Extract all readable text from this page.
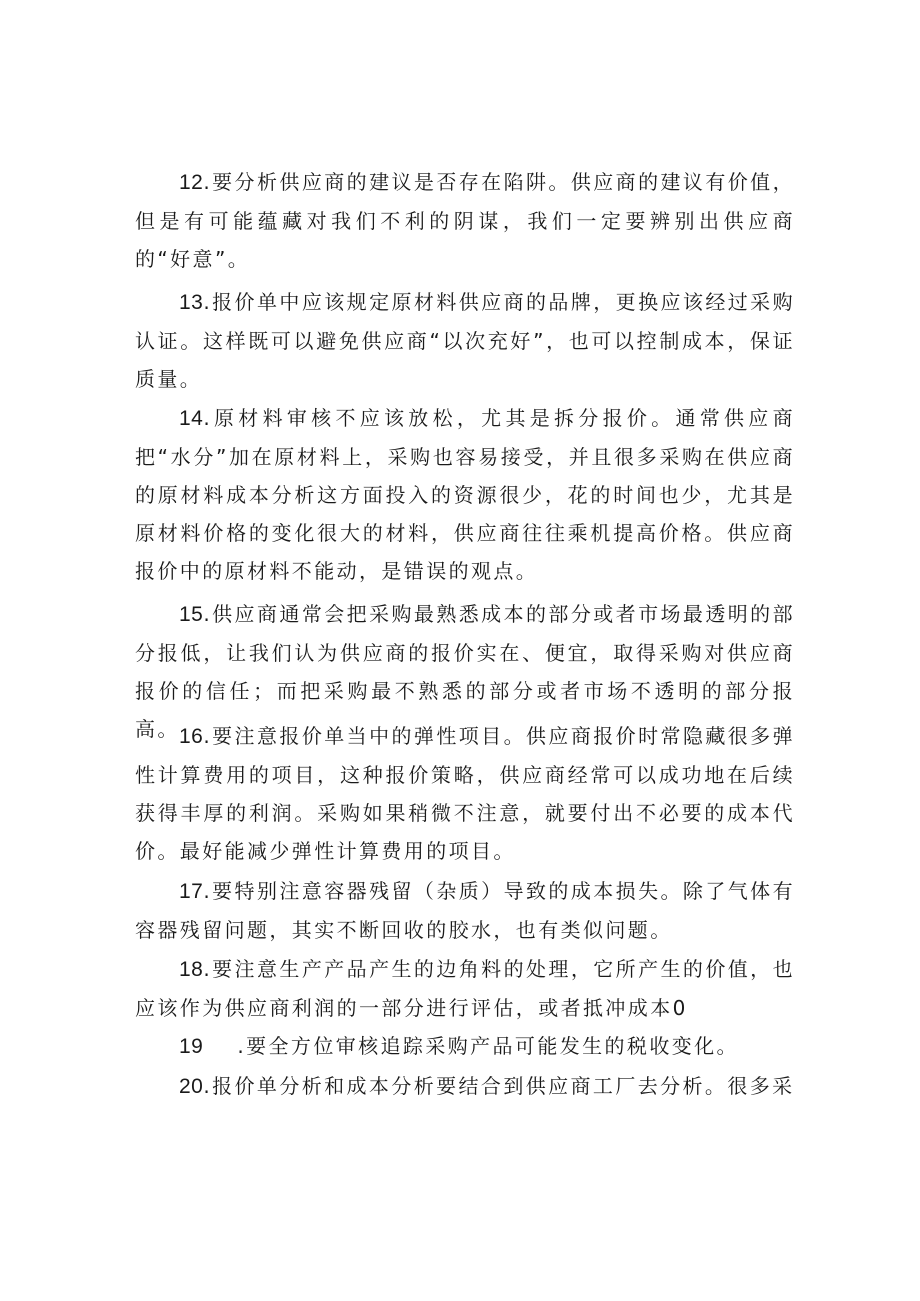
12.要分析供应商的建议是否存在陷阱。供应商的建议有价值，但是有可能蕴藏对我们不利的阴谋，我们一定要辨别出供应商的“好意”。

13.报价单中应该规定原材料供应商的品牌，更换应该经过采购认证。这样既可以避免供应商“以次充好”，也可以控制成本，保证质量。

14.原材料审核不应该放松，尤其是拆分报价。通常供应商把“水分”加在原材料上，采购也容易接受，并且很多采购在供应商的原材料成本分析这方面投入的资源很少，花的时间也少，尤其是原材料价格的变化很大的材料，供应商往往乘机提高价格。供应商报价中的原材料不能动，是错误的观点。

15.供应商通常会把采购最熟悉成本的部分或者市场最透明的部分报低，让我们认为供应商的报价实在、便宜，取得采购对供应商报价的信任；而把采购最不熟悉的部分或者市场不透明的部分报高。 16.要注意报价单当中的弹性项目。供应商报价时常隐藏很多弹性计算费用的项目，这种报价策略，供应商经常可以成功地在后续获得丰厚的利润。采购如果稍微不注意，就要付出不必要的成本代价。最好能减少弹性计算费用的项目。

17.要特别注意容器残留（杂质）导致的成本损失。除了气体有容器残留问题，其实不断回收的胶水，也有类似问题。

18.要注意生产产品产生的边角料的处理，它所产生的价值，也应该作为供应商利润的一部分进行评估，或者抵冲成本0

19 .要全方位审核追踪采购产品可能发生的税收变化。

20.报价单分析和成本分析要结合到供应商工厂去分析。很多采
